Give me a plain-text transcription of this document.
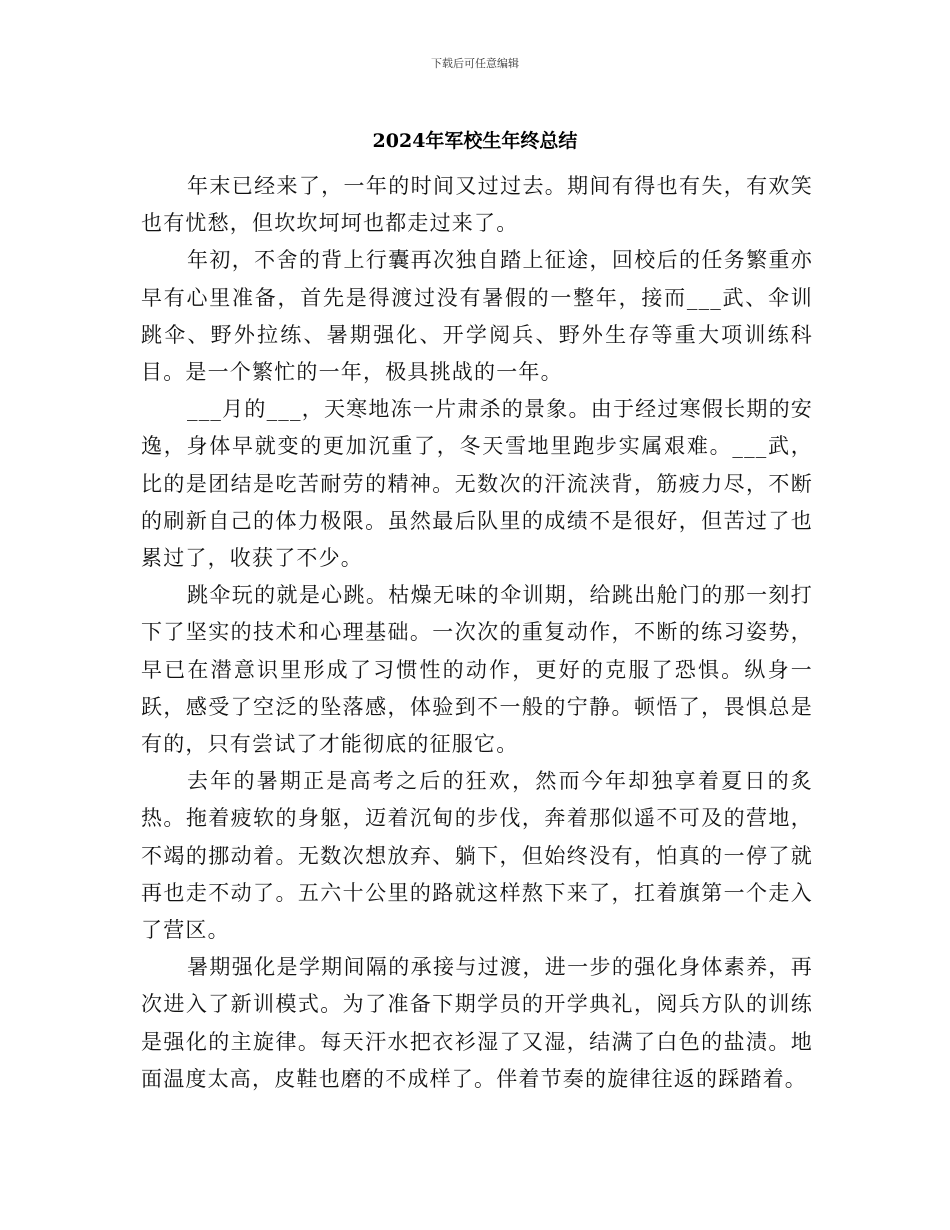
下载后可任意编辑
2024年军校生年终总结

年末已经来了，一年的时间又过过去。期间有得也有失，有欢笑也有忧愁，但坎坎坷坷也都走过来了。

年初，不舍的背上行囊再次独自踏上征途，回校后的任务繁重亦早有心里准备，首先是得渡过没有暑假的一整年，接而___武、伞训跳伞、野外拉练、暑期强化、开学阅兵、野外生存等重大项训练科目。是一个繁忙的一年，极具挑战的一年。

___月的___，天寒地冻一片肃杀的景象。由于经过寒假长期的安逸，身体早就变的更加沉重了，冬天雪地里跑步实属艰难。___武，比的是团结是吃苦耐劳的精神。无数次的汗流浃背，筋疲力尽，不断的刷新自己的体力极限。虽然最后队里的成绩不是很好，但苦过了也累过了，收获了不少。

跳伞玩的就是心跳。枯燥无味的伞训期，给跳出舱门的那一刻打下了坚实的技术和心理基础。一次次的重复动作，不断的练习姿势，早已在潜意识里形成了习惯性的动作，更好的克服了恐惧。纵身一跃，感受了空泛的坠落感，体验到不一般的宁静。顿悟了，畏惧总是有的，只有尝试了才能彻底的征服它。

去年的暑期正是高考之后的狂欢，然而今年却独享着夏日的炙热。拖着疲软的身躯，迈着沉甸的步伐，奔着那似遥不可及的营地，不竭的挪动着。无数次想放弃、躺下，但始终没有，怕真的一停了就再也走不动了。五六十公里的路就这样熬下来了，扛着旗第一个走入了营区。

暑期强化是学期间隔的承接与过渡，进一步的强化身体素养，再次进入了新训模式。为了准备下期学员的开学典礼，阅兵方队的训练是强化的主旋律。每天汗水把衣衫湿了又湿，结满了白色的盐渍。地面温度太高，皮鞋也磨的不成样了。伴着节奏的旋律往返的踩踏着。
